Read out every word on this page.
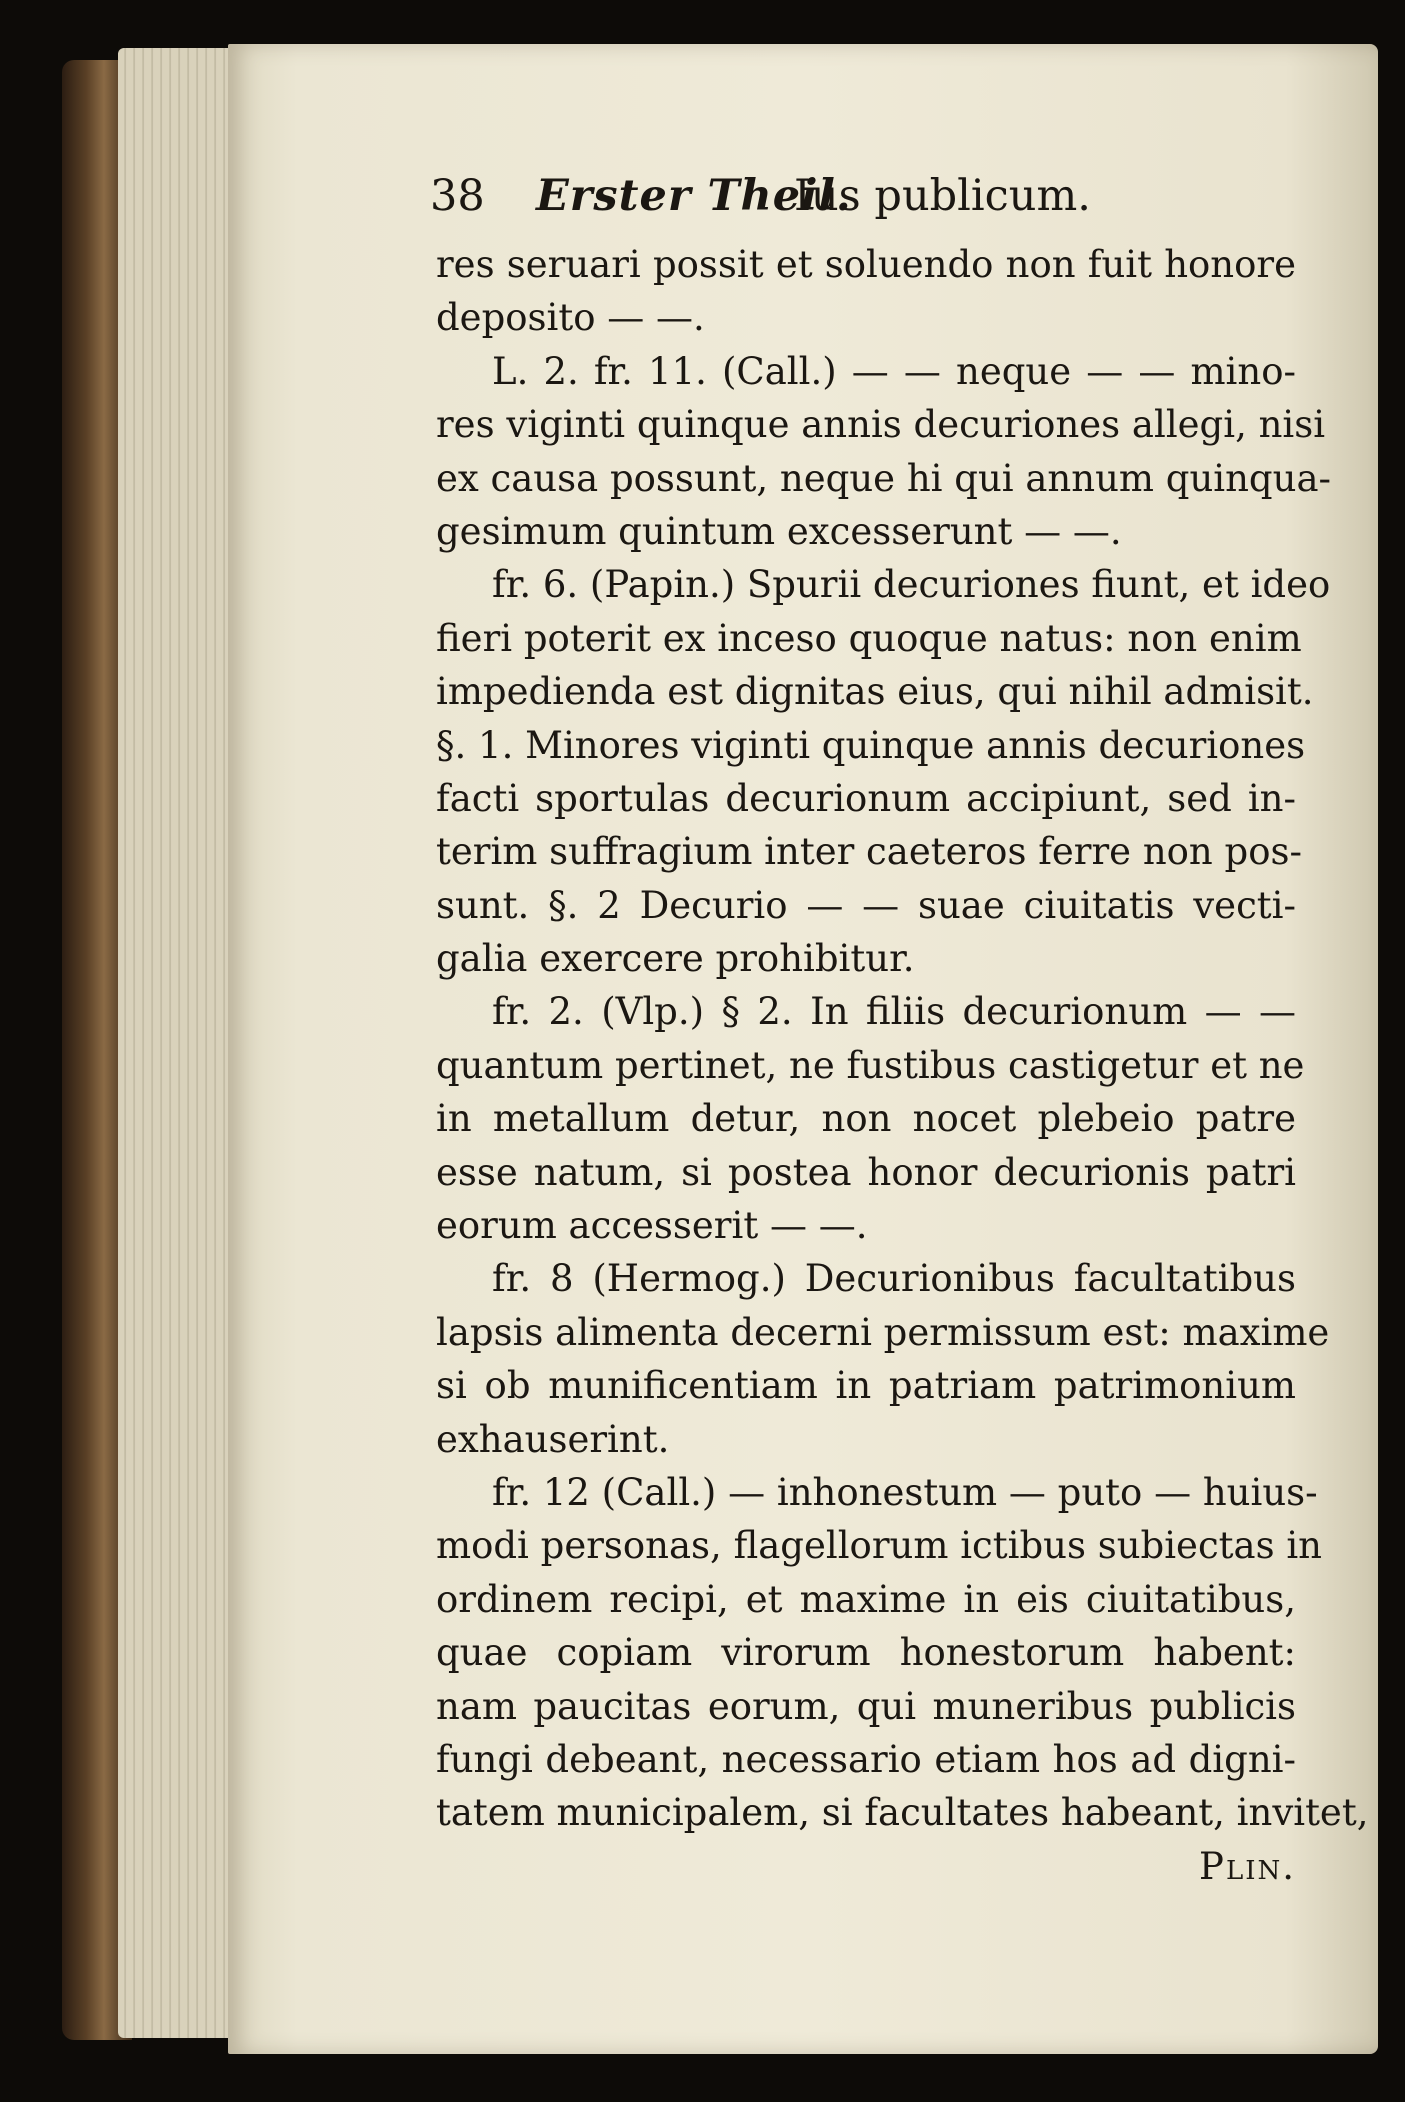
38 Erster Theil.
Ius publicum.
res seruari possit et soluendo non fuit honore
deposito — —.
L. 2. fr. 11. (Call.) — — neque — — mino-
res viginti quinque annis decuriones allegi, nisi
ex causa possunt, neque hi qui annum quinqua-
gesimum quintum excesserunt — —.
fr. 6. (Papin.) Spurii decuriones fiunt, et ideo
fieri poterit ex inceso quoque natus: non enim
impedienda est dignitas eius, qui nihil admisit.
§. 1. Minores viginti quinque annis decuriones
facti sportulas decurionum accipiunt, sed in-
terim suffragium inter caeteros ferre non pos-
sunt. §. 2 Decurio — — suae ciuitatis vecti-
galia exercere prohibitur.
fr. 2. (Vlp.) § 2. In filiis decurionum — —
quantum pertinet, ne fustibus castigetur et ne
in metallum detur, non nocet plebeio patre
esse natum, si postea honor decurionis patri
eorum accesserit — —.
fr. 8 (Hermog.) Decurionibus facultatibus
lapsis alimenta decerni permissum est: maxime
si ob munificentiam in patriam patrimonium
exhauserint.
fr. 12 (Call.) — inhonestum — puto — huius-
modi personas, flagellorum ictibus subiectas in
ordinem recipi, et maxime in eis ciuitatibus,
quae copiam virorum honestorum habent:
nam paucitas eorum, qui muneribus publicis
fungi debeant, necessario etiam hos ad digni-
tatem municipalem, si facultates habeant, invitet,
Plin.
